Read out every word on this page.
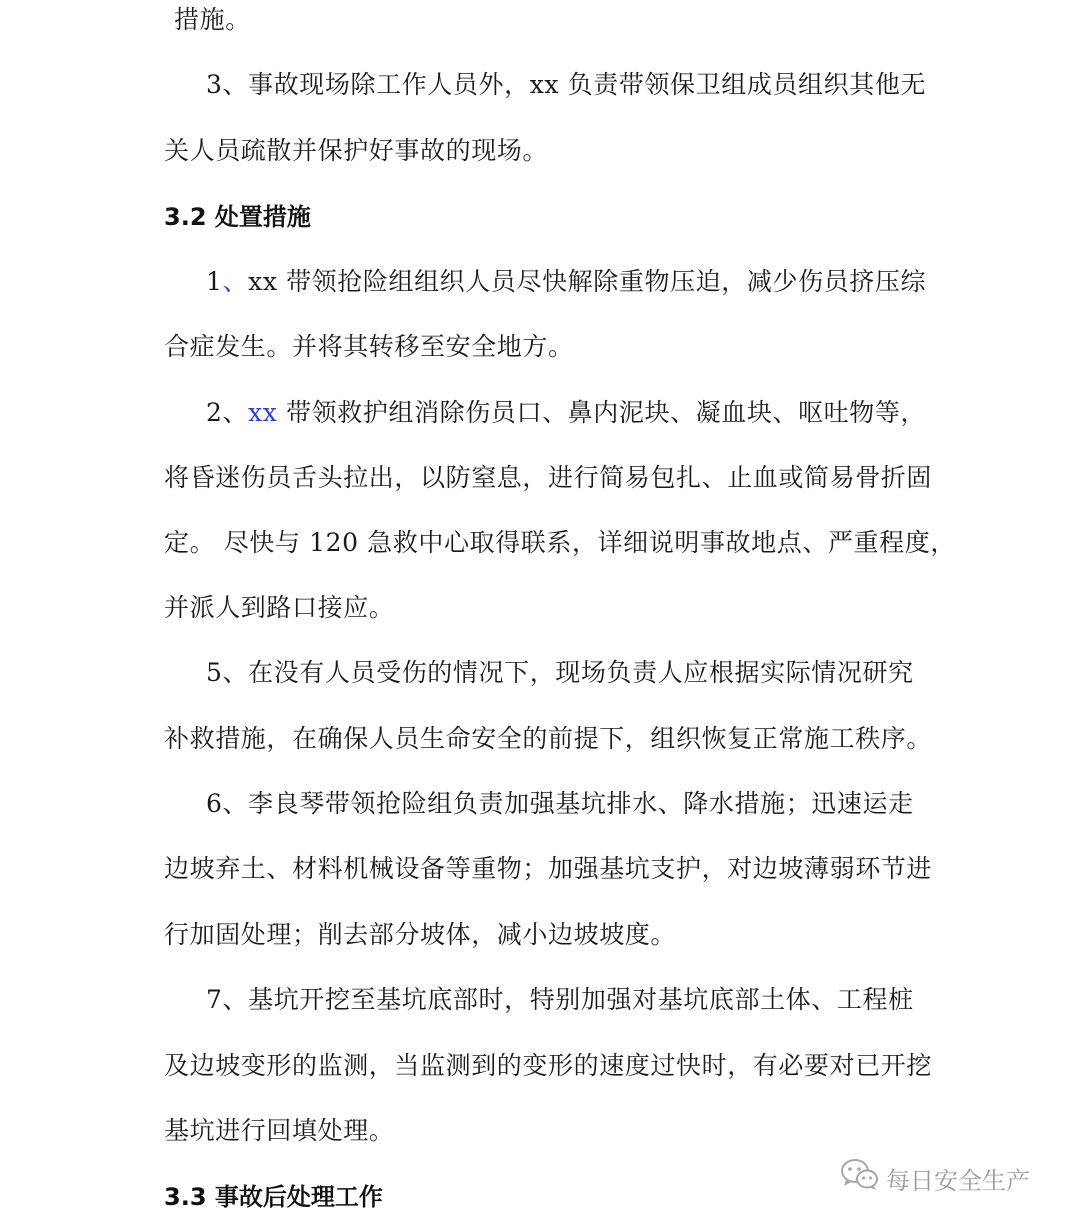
措施。
3、事故现场除工作人员外，xx 负责带领保卫组成员组织其他无
关人员疏散并保护好事故的现场。
3.2 处置措施
1、xx 带领抢险组组织人员尽快解除重物压迫，减少伤员挤压综
合症发生。并将其转移至安全地方。
2、xx 带领救护组消除伤员口、鼻内泥块、凝血块、呕吐物等，
将昏迷伤员舌头拉出，以防窒息，进行简易包扎、止血或简易骨折固
定。 尽快与 120 急救中心取得联系，详细说明事故地点、严重程度，
并派人到路口接应。
5、在没有人员受伤的情况下，现场负责人应根据实际情况研究
补救措施，在确保人员生命安全的前提下，组织恢复正常施工秩序。
6、李良琴带领抢险组负责加强基坑排水、降水措施；迅速运走
边坡弃土、材料机械设备等重物；加强基坑支护，对边坡薄弱环节进
行加固处理；削去部分坡体，减小边坡坡度。
7、基坑开挖至基坑底部时，特别加强对基坑底部土体、工程桩
及边坡变形的监测，当监测到的变形的速度过快时，有必要对已开挖
基坑进行回填处理。
3.3 事故后处理工作
每日安全生产
